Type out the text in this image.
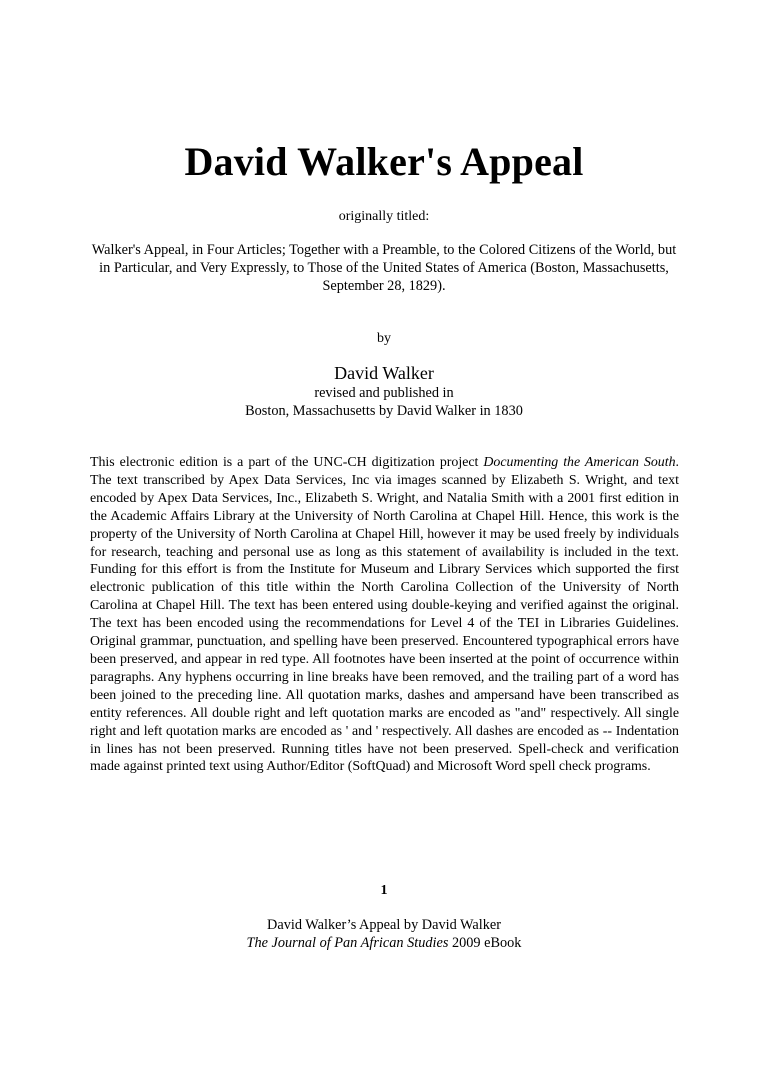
David Walker's Appeal
originally titled:
Walker's Appeal, in Four Articles; Together with a Preamble, to the Colored Citizens of the World, but in Particular, and Very Expressly, to Those of the United States of America (Boston, Massachusetts, September 28, 1829).
by
David Walker
revised and published in
Boston, Massachusetts by David Walker in 1830
This electronic edition is a part of the UNC-CH digitization project Documenting the American South. The text transcribed by Apex Data Services, Inc via images scanned by Elizabeth S. Wright, and text encoded by Apex Data Services, Inc., Elizabeth S. Wright, and Natalia Smith with a 2001 first edition in the Academic Affairs Library at the University of North Carolina at Chapel Hill. Hence, this work is the property of the University of North Carolina at Chapel Hill, however it may be used freely by individuals for research, teaching and personal use as long as this statement of availability is included in the text. Funding for this effort is from the Institute for Museum and Library Services which supported the first electronic publication of this title within the North Carolina Collection of the University of North Carolina at Chapel Hill. The text has been entered using double-keying and verified against the original. The text has been encoded using the recommendations for Level 4 of the TEI in Libraries Guidelines. Original grammar, punctuation, and spelling have been preserved. Encountered typographical errors have been preserved, and appear in red type. All footnotes have been inserted at the point of occurrence within paragraphs. Any hyphens occurring in line breaks have been removed, and the trailing part of a word has been joined to the preceding line. All quotation marks, dashes and ampersand have been transcribed as entity references. All double right and left quotation marks are encoded as "and" respectively. All single right and left quotation marks are encoded as ' and ' respectively. All dashes are encoded as -- Indentation in lines has not been preserved. Running titles have not been preserved. Spell-check and verification made against printed text using Author/Editor (SoftQuad) and Microsoft Word spell check programs.
1
David Walker’s Appeal by David Walker
The Journal of Pan African Studies 2009 eBook
